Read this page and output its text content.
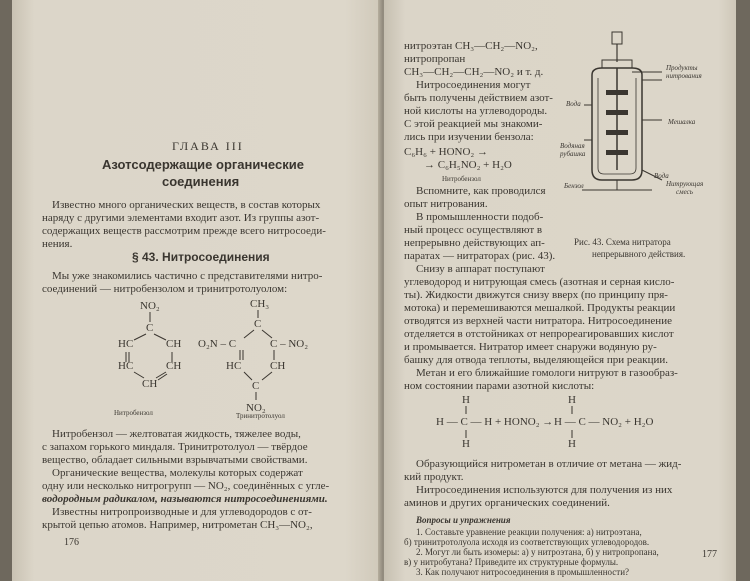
ГЛАВА III
Азотсодержащие органические
соединения
Известно много органических веществ, в состав которых
наряду с другими элементами входит азот. Из группы азот-
содержащих веществ рассмотрим прежде всего нитросоеди-
нения.
§ 43. Нитросоединения
Мы уже знакомились частично с представителями нитро-
соединений — нитробензолом и тринитротолуолом:
NO₂
C
HC	CH
HC	CH
CH
Нитробензол
CH₃
C
O₂N – C	C – NO₂
HC	CH
C
NO₂
Тринитротолуол
Нитробензол — желтоватая жидкость, тяжелее воды,
с запахом горького миндаля. Тринитротолуол — твёрдое
вещество, обладает сильными взрывчатыми свойствами.
Органические вещества, молекулы которых содержат
одну или несколько нитрогрупп — NO₂, соединённых с угле-
водородным радикалом, называются нитросоединениями.
Известны нитропроизводные и для углеводородов с от-
крытой цепью атомов. Например, нитрометан CH₃—NO₂,
176
нитроэтан CH₃—CH₂—NO₂,
нитропропан
CH₃—CH₂—CH₂—NO₂ и т. д.
Нитросоединения могут
быть получены действием азот-
ной кислоты на углеводороды.
С этой реакцией мы знакоми-
лись при изучении бензола:
C₆H₆ + HONO₂ →
→ C₆H₅NO₂ + H₂O
Нитробензол
Вспомните, как проводился
опыт нитрования.
В промышленности подоб-
ный процесс осуществляют в
непрерывно действующих ап-
паратах — нитраторах (рис. 43).
Снизу в аппарат поступают
Продукты
нитрования
Вода
Мешалка
Водяная
рубашка
Вода
Бензол	Нитрующая
смесь
Рис. 43. Схема нитратора
непрерывного действия.
углеводород и нитрующая смесь (азотная и серная кисло-
ты). Жидкости движутся снизу вверх (по принципу пря-
мотока) и перемешиваются мешалкой. Продукты реакции
отводятся из верхней части нитратора. Нитросоединение
отделяется в отстойниках от непрореагировавших кислот
и промывается. Нитратор имеет снаружи водяную ру-
башку для отвода теплоты, выделяющейся при реакции.
Метан и его ближайшие гомологи нитруют в газообраз-
ном состоянии парами азотной кислоты:
H	H
H — C — H + HONO₂ → H — C — NO₂ + H₂O
H	H
Образующийся нитрометан в отличие от метана — жид-
кий продукт.
Нитросоединения используются для получения из них
аминов и других органических соединений.
Вопросы и упражнения
1. Составьте уравнение реакции получения: а) нитроэтана,
б) тринитротолуола исходя из соответствующих углеводородов.
2. Могут ли быть изомеры: а) у нитроэтана, б) у нитропропана,
в) у нитробутана? Приведите их структурные формулы.
3. Как получают нитросоединения в промышленности?
177
